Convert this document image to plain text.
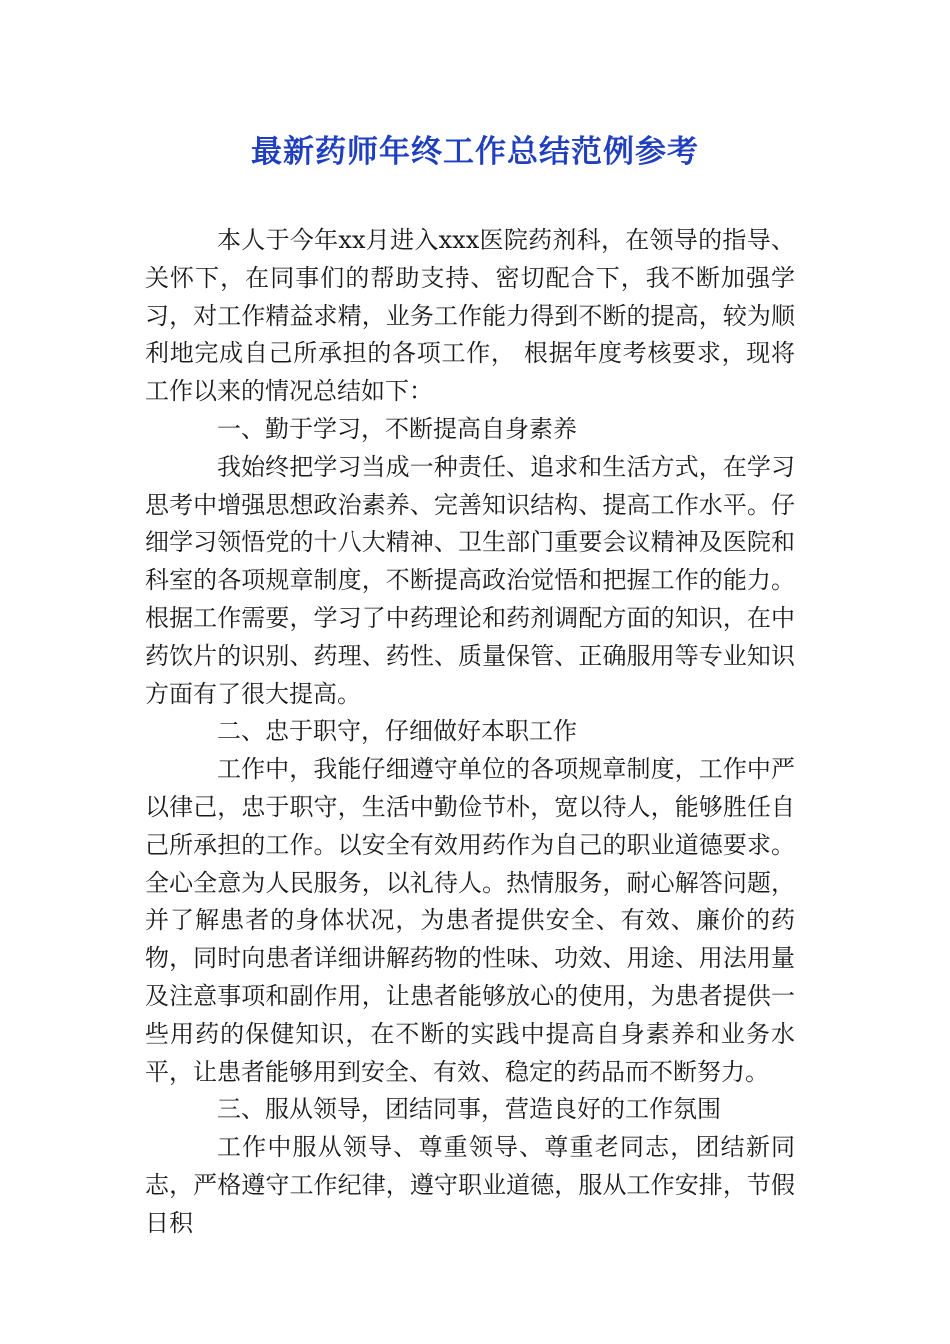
最新药师年终工作总结范例参考

本人于今年xx月进入xxx医院药剂科，在领导的指导、关怀下，在同事们的帮助支持、密切配合下，我不断加强学习，对工作精益求精，业务工作能力得到不断的提高，较为顺利地完成自己所承担的各项工作， 根据年度考核要求，现将工作以来的情况总结如下：

一、勤于学习，不断提高自身素养

我始终把学习当成一种责任、追求和生活方式，在学习思考中增强思想政治素养、完善知识结构、提高工作水平。仔细学习领悟党的十八大精神、卫生部门重要会议精神及医院和科室的各项规章制度，不断提高政治觉悟和把握工作的能力。根据工作需要，学习了中药理论和药剂调配方面的知识，在中药饮片的识别、药理、药性、质量保管、正确服用等专业知识方面有了很大提高。

二、忠于职守，仔细做好本职工作

工作中，我能仔细遵守单位的各项规章制度，工作中严以律己，忠于职守，生活中勤俭节朴，宽以待人，能够胜任自己所承担的工作。以安全有效用药作为自己的职业道德要求。全心全意为人民服务，以礼待人。热情服务，耐心解答问题，并了解患者的身体状况，为患者提供安全、有效、廉价的药物，同时向患者详细讲解药物的性味、功效、用途、用法用量及注意事项和副作用，让患者能够放心的使用，为患者提供一些用药的保健知识，在不断的实践中提高自身素养和业务水平，让患者能够用到安全、有效、稳定的药品而不断努力。

三、服从领导，团结同事，营造良好的工作氛围

工作中服从领导、尊重领导、尊重老同志，团结新同志，严格遵守工作纪律，遵守职业道德，服从工作安排，节假日积
